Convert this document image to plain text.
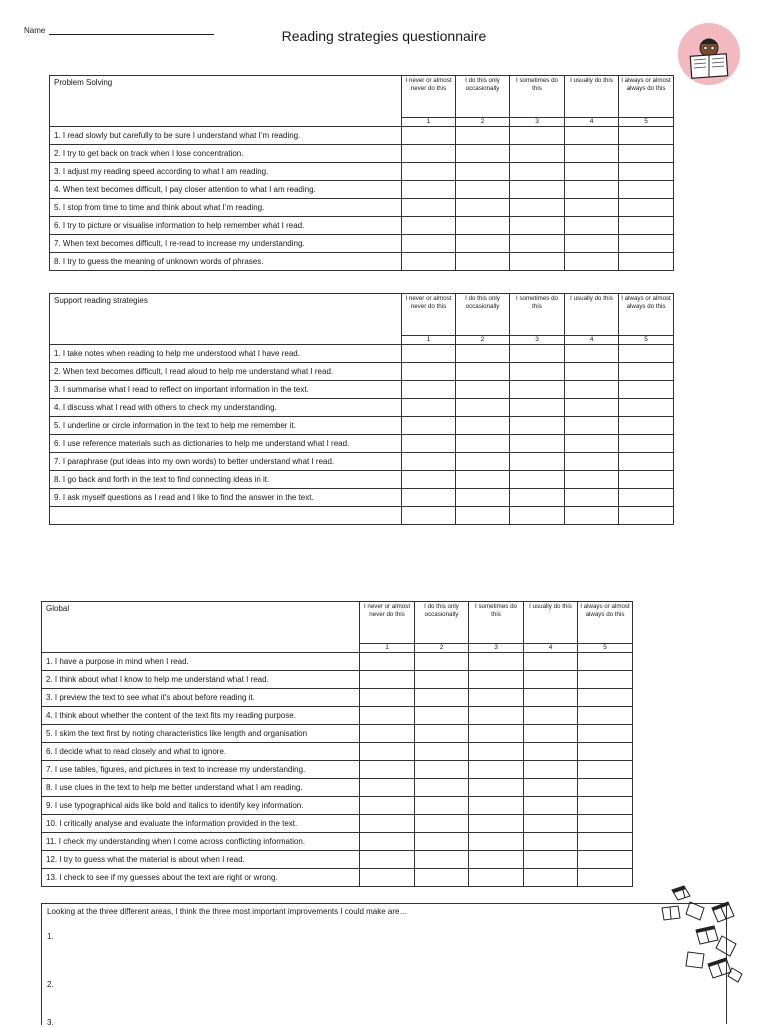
Name	Reading strategies questionnaire
Problem Solving	I never or almost never do this	I do this only occasionally	I sometimes do this	I usually do this	I always or almost always do this
	1	2	3	4	5
1. I read slowly but carefully to be sure I understand what I’m reading.					
2. I try to get back on track when I lose concentration.					
3. I adjust my reading speed according to what I am reading.					
4. When text becomes difficult, I pay closer attention to what I am reading.					
5. I stop from time to time and think about what I’m reading.					
6. I try to picture or visualise information to help remember what I read.					
7. When text becomes difficult, I re-read to increase my understanding.					
8. I try to guess the meaning of unknown words of phrases.					
Support reading strategies	I never or almost never do this	I do this only occasionally	I sometimes do this	I usually do this	I always or almost always do this
	1	2	3	4	5
1. I take notes when reading to help me understood what I have read.					
2. When text becomes difficult, I read aloud to help me understand what I read.					
3. I summarise what I read to reflect on important information in the text.					
4. I discuss what I read with others to check my understanding.					
5. I underline or circle information in the text to help me remember it.					
6. I use reference materials such as dictionaries to help me understand what I read.					
7. I paraphrase (put ideas into my own words) to better understand what I read.					
8. I go back and forth in the text to find connecting ideas in it.					
9. I ask myself questions as I read and I like to find the answer in the text.					

Global	I never or almost never do this	I do this only occasionally	I sometimes do this	I usually do this	I always or almost always do this
	1	2	3	4	5
1. I have a purpose in mind when I read.					
2. I think about what I know to help me understand what I read.					
3. I preview the text to see what it’s about before reading it.					
4. I think about whether the content of the text fits my reading purpose.					
5. I skim the text first by noting characteristics like length and organisation					
6. I decide what to read closely and what to ignore.					
7. I use tables, figures, and pictures in text to increase my understanding.					
8. I use clues in the text to help me better understand what I am reading.					
9. I use typographical aids like bold and italics to identify key information.					
10. I critically analyse and evaluate the information provided in the text.					
11. I check my understanding when I come across conflicting information.					
12. I try to guess what the material is about when I read.					
13. I check to see if my guesses about the text are right or wrong.					
Looking at the three different areas, I think the three most important improvements I could make are…
1.
2.
3.
